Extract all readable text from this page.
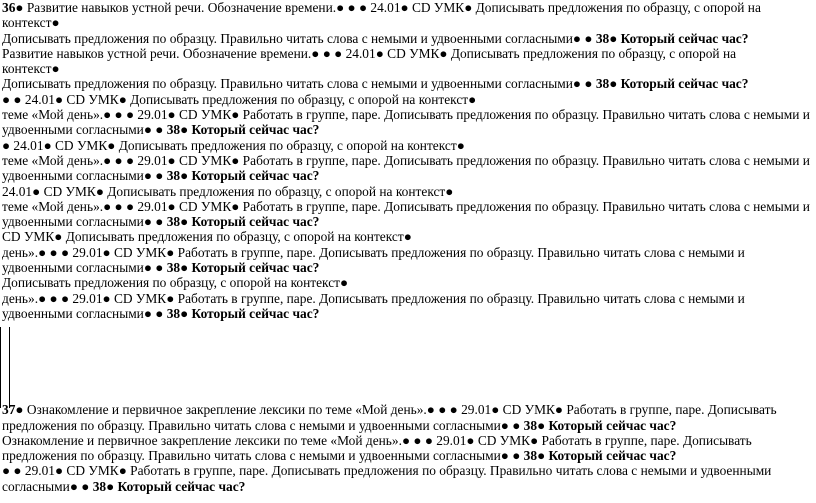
36● Развитие навыков устной речи. Обозначение времени.● ● ● 24.01● CD УМК● Дописывать предложения по образцу, с опорой на
контекст●
Дописывать предложения по образцу. Правильно читать слова с немыми и удвоенными согласными● ● 38● Который сейчас час?
Развитие навыков устной речи. Обозначение времени.● ● ● 24.01● CD УМК● Дописывать предложения по образцу, с опорой на
контекст●
Дописывать предложения по образцу. Правильно читать слова с немыми и удвоенными согласными● ● 38● Который сейчас час?
● ● 24.01● CD УМК● Дописывать предложения по образцу, с опорой на контекст●
теме «Мой день».● ● ● 29.01● CD УМК● Работать в группе, паре. Дописывать предложения по образцу. Правильно читать слова с немыми и
удвоенными согласными● ● 38● Который сейчас час?
● 24.01● CD УМК● Дописывать предложения по образцу, с опорой на контекст●
теме «Мой день».● ● ● 29.01● CD УМК● Работать в группе, паре. Дописывать предложения по образцу. Правильно читать слова с немыми и
удвоенными согласными● ● 38● Который сейчас час?
24.01● CD УМК● Дописывать предложения по образцу, с опорой на контекст●
теме «Мой день».● ● ● 29.01● CD УМК● Работать в группе, паре. Дописывать предложения по образцу. Правильно читать слова с немыми и
удвоенными согласными● ● 38● Который сейчас час?
CD УМК● Дописывать предложения по образцу, с опорой на контекст●
день».● ● ● 29.01● CD УМК● Работать в группе, паре. Дописывать предложения по образцу. Правильно читать слова с немыми и
удвоенными согласными● ● 38● Который сейчас час?
Дописывать предложения по образцу, с опорой на контекст●
день».● ● ● 29.01● CD УМК● Работать в группе, паре. Дописывать предложения по образцу. Правильно читать слова с немыми и
удвоенными согласными● ● 38● Который сейчас час?
37● Ознакомление и первичное закрепление лексики по теме «Мой день».● ● ● 29.01● CD УМК● Работать в группе, паре. Дописывать
предложения по образцу. Правильно читать слова с немыми и удвоенными согласными● ● 38● Который сейчас час?
Ознакомление и первичное закрепление лексики по теме «Мой день».● ● ● 29.01● CD УМК● Работать в группе, паре. Дописывать
предложения по образцу. Правильно читать слова с немыми и удвоенными согласными● ● 38● Который сейчас час?
● ● 29.01● CD УМК● Работать в группе, паре. Дописывать предложения по образцу. Правильно читать слова с немыми и удвоенными
согласными● ● 38● Который сейчас час?
